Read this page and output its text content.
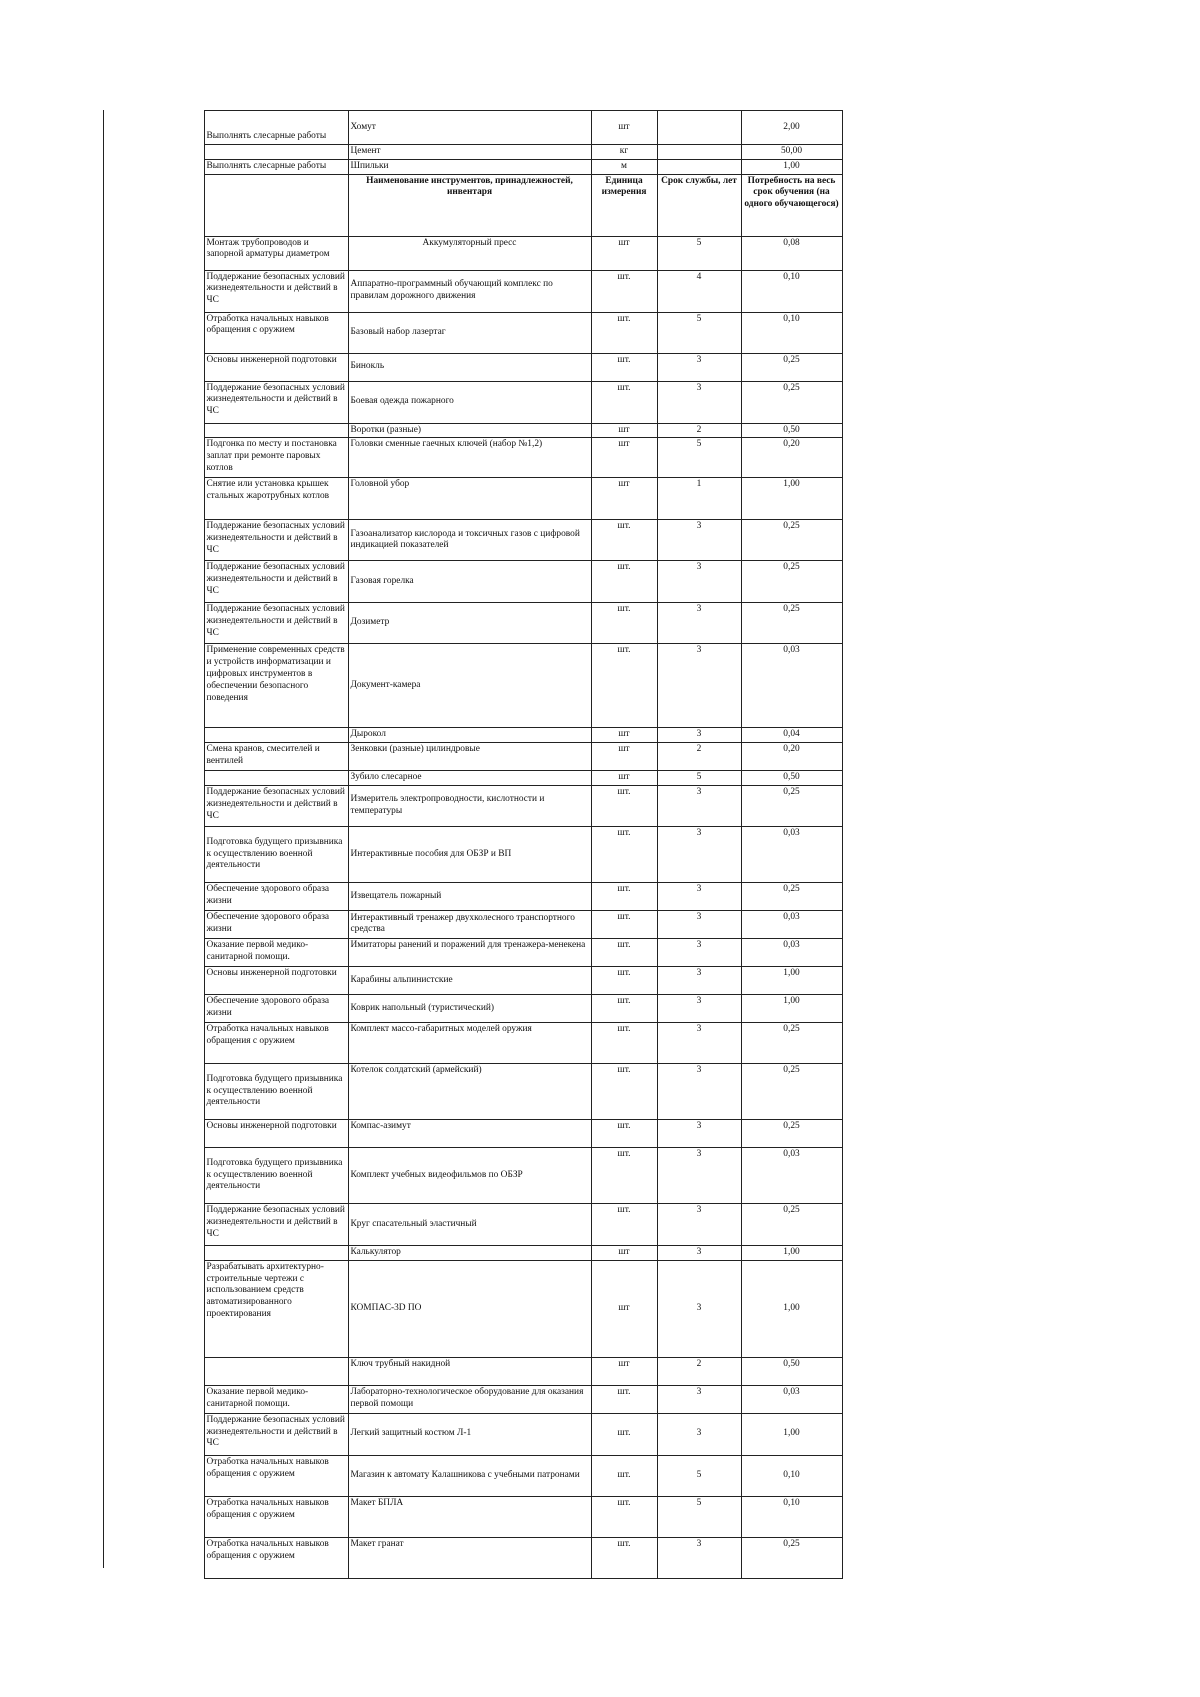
	Выполнять слесарные работы	Хомут	шт		2,00
		Цемент	кг		50,00
	Выполнять слесарные работы	Шпильки	м		1,00
		Наименование инструментов, принадлежностей, инвентаря	Единица измерения	Срок службы, лет	Потребность на весь срок обучения (на одного обучающегося)
	Монтаж трубопроводов и запорной арматуры диаметром	Аккумуляторный пресс	шт	5	0,08
	Поддержание безопасных условий жизнедеятельности и действий в ЧС	Аппаратно-программный обучающий комплекс по правилам дорожного движения	шт.	4	0,10
	Отработка начальных навыков обращения с оружием	Базовый набор лазертаг	шт.	5	0,10
	Основы инженерной подготовки	Бинокль	шт.	3	0,25
	Поддержание безопасных условий жизнедеятельности и действий в ЧС	Боевая одежда пожарного	шт.	3	0,25
		Воротки (разные)	шт	2	0,50
	Подгонка по месту и постановка заплат при ремонте паровых котлов	Головки сменные гаечных ключей (набор №1,2)	шт	5	0,20
	Снятие или установка крышек стальных жаротрубных котлов	Головной убор	шт	1	1,00
	Поддержание безопасных условий жизнедеятельности и действий в ЧС	Газоанализатор кислорода и токсичных газов с цифровой индикацией показателей	шт.	3	0,25
	Поддержание безопасных условий жизнедеятельности и действий в ЧС	Газовая горелка	шт.	3	0,25
	Поддержание безопасных условий жизнедеятельности и действий в ЧС	Дозиметр	шт.	3	0,25
	Применение современных средств и устройств информатизации и цифровых инструментов в обеспечении безопасного поведения	Документ-камера	шт.	3	0,03
		Дырокол	шт	3	0,04
	Смена кранов, смесителей и вентилей	Зенковки (разные) цилиндровые	шт	2	0,20
		Зубило слесарное	шт	5	0,50
	Поддержание безопасных условий жизнедеятельности и действий в ЧС	Измеритель электропроводности, кислотности и температуры	шт.	3	0,25
	Подготовка будущего призывника к осуществлению военной деятельности	Интерактивные пособия для ОБЗР и ВП	шт.	3	0,03
	Обеспечение здорового образа жизни	Извещатель пожарный	шт.	3	0,25
	Обеспечение здорового образа жизни	Интерактивный тренажер двухколесного транспортного средства	шт.	3	0,03
	Оказание первой медико-санитарной помощи.	Имитаторы ранений и поражений для тренажера-менекена	шт.	3	0,03
	Основы инженерной подготовки	Карабины альпинистские	шт.	3	1,00
	Обеспечение здорового образа жизни	Коврик напольный (туристический)	шт.	3	1,00
	Отработка начальных навыков обращения с оружием	Комплект массо-габаритных моделей оружия	шт.	3	0,25
	Подготовка будущего призывника к осуществлению военной деятельности	Котелок солдатский (армейский)	шт.	3	0,25
	Основы инженерной подготовки	Компас-азимут	шт.	3	0,25
	Подготовка будущего призывника к осуществлению военной деятельности	Комплект учебных видеофильмов по ОБЗР	шт.	3	0,03
	Поддержание безопасных условий жизнедеятельности и действий в ЧС	Круг спасательный эластичный	шт.	3	0,25
		Калькулятор	шт	3	1,00
	Разрабатывать архитектурно-строительные чертежи с использованием средств автоматизированного проектирования	КОМПАС-3D ПО	шт	3	1,00
		Ключ трубный накидной	шт	2	0,50
	Оказание первой медико-санитарной помощи.	Лабораторно-технологическое оборудование для оказания первой помощи	шт.	3	0,03
	Поддержание безопасных условий жизнедеятельности и действий в ЧС	Легкий защитный костюм Л-1	шт.	3	1,00
	Отработка начальных навыков обращения с оружием	Магазин к автомату Калашникова с учебными патронами	шт.	5	0,10
	Отработка начальных навыков обращения с оружием	Макет БПЛА	шт.	5	0,10
	Отработка начальных навыков обращения с оружием	Макет гранат	шт.	3	0,25
